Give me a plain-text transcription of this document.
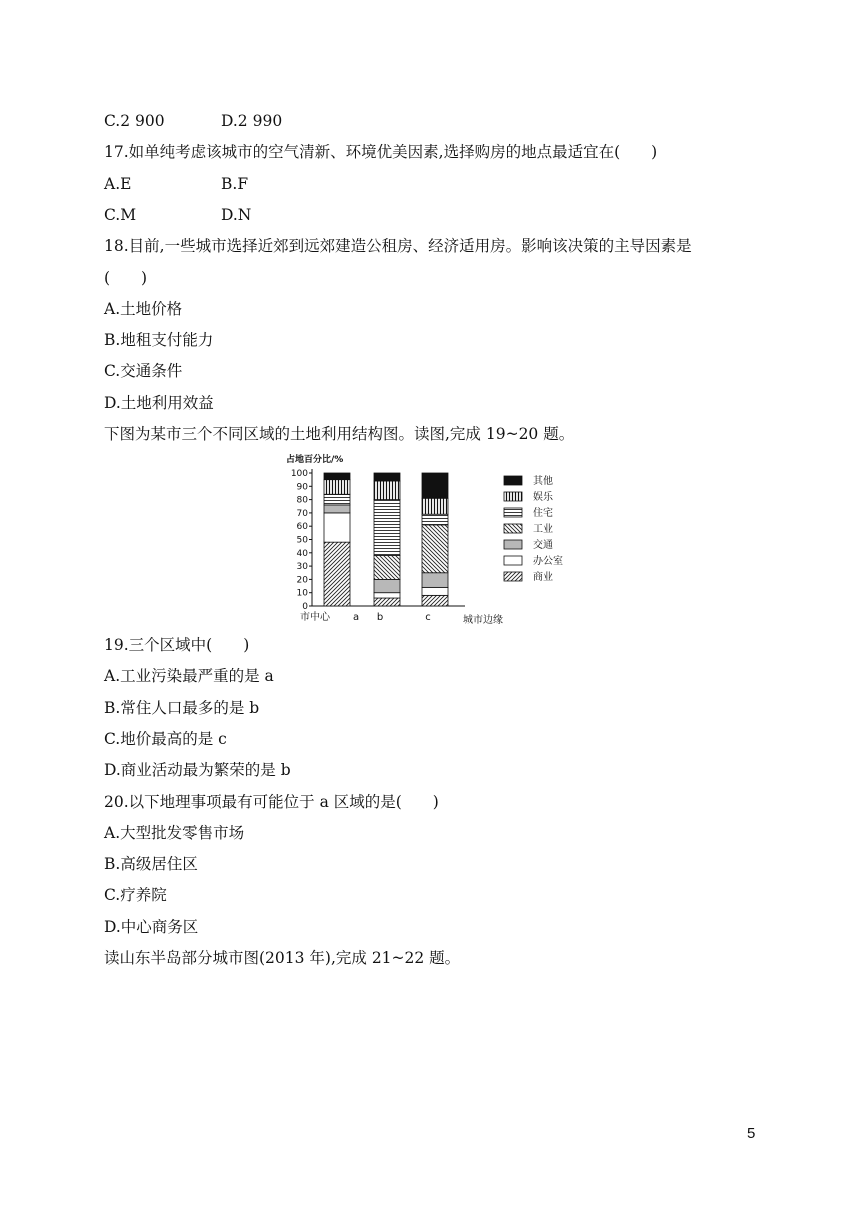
C.2 900	D.2 990
17.如单纯考虑该城市的空气清新、环境优美因素,选择购房的地点最适宜在(　　)
A.E	B.F
C.M	D.N
18.目前,一些城市选择近郊到远郊建造公租房、经济适用房。影响该决策的主导因素是
(　　)
A.土地价格
B.地租支付能力
C.交通条件
D.土地利用效益
下图为某市三个不同区域的土地利用结构图。读图,完成 19~20 题。
0
10
20
30
40
50
60
70
80
90
100
占地百分比/%
其他
娱乐
住宅
工业
交通
办公室
商业
市中心 a b	c	城市边缘
19.三个区域中(　　)
A.工业污染最严重的是 a
B.常住人口最多的是 b
C.地价最高的是 c
D.商业活动最为繁荣的是 b
20.以下地理事项最有可能位于 a 区域的是(　　)
A.大型批发零售市场
B.高级居住区
C.疗养院
D.中心商务区
读山东半岛部分城市图(2013 年),完成 21~22 题。
5
